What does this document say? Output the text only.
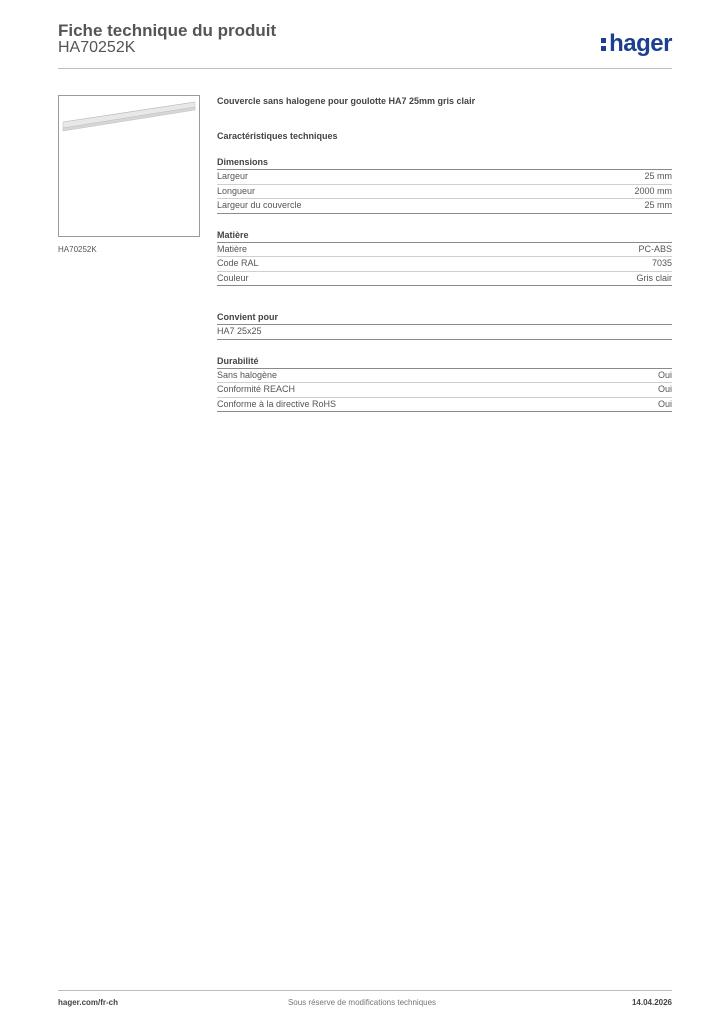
Fiche technique du produit
HA70252K	hager
HA70252K

Couvercle sans halogene pour goulotte HA7 25mm gris clair

Caractéristiques techniques
Dimensions
Largeur	25 mm
Longueur	2000 mm
Largeur du couvercle	25 mm
Matière
Matière	PC-ABS
Code RAL	7035
Couleur	Gris clair
Convient pour
HA7 25x25
Durabilité
Sans halogène	Oui
Conformité REACH	Oui
Conforme à la directive RoHS	Oui
hager.com/fr-ch	Sous réserve de modifications techniques	14.04.2026
